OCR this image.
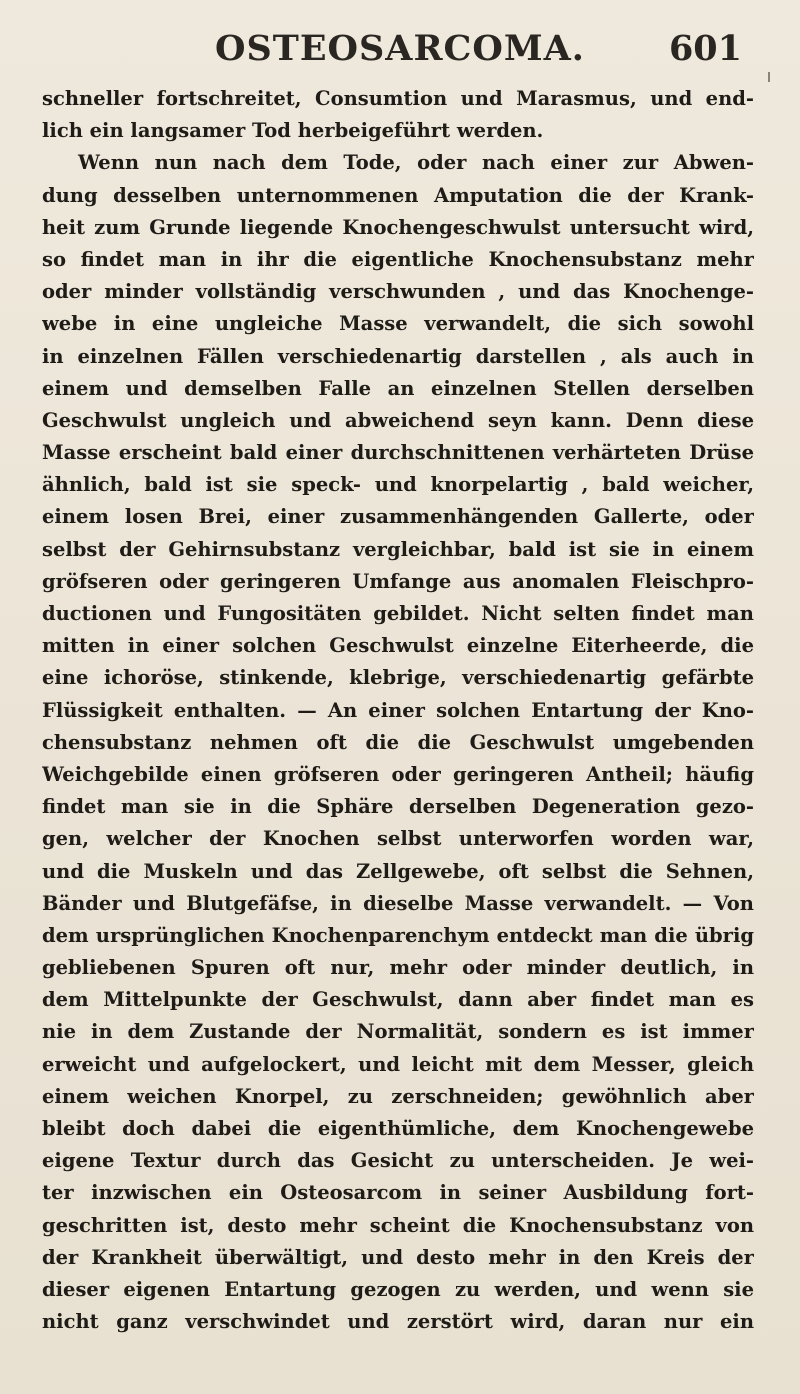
OSTEOSARCOMA.	601
schneller fortschreitet, Consumtion und Marasmus, und end-
lich ein langsamer Tod herbeigeführt werden.
Wenn nun nach dem Tode, oder nach einer zur Abwen-
dung desselben unternommenen Amputation die der Krank-
heit zum Grunde liegende Knochengeschwulst untersucht wird,
so findet man in ihr die eigentliche Knochensubstanz mehr
oder minder vollständig verschwunden , und das Knochenge-
webe in eine ungleiche Masse verwandelt, die sich sowohl
in einzelnen Fällen verschiedenartig darstellen , als auch in
einem und demselben Falle an einzelnen Stellen derselben
Geschwulst ungleich und abweichend seyn kann. Denn diese
Masse erscheint bald einer durchschnittenen verhärteten Drüse
ähnlich, bald ist sie speck- und knorpelartig , bald weicher,
einem losen Brei, einer zusammenhängenden Gallerte, oder
selbst der Gehirnsubstanz vergleichbar, bald ist sie in einem
gröfseren oder geringeren Umfange aus anomalen Fleischpro-
ductionen und Fungositäten gebildet. Nicht selten findet man
mitten in einer solchen Geschwulst einzelne Eiterheerde, die
eine ichoröse, stinkende, klebrige, verschiedenartig gefärbte
Flüssigkeit enthalten. — An einer solchen Entartung der Kno-
chensubstanz nehmen oft die die Geschwulst umgebenden
Weichgebilde einen gröfseren oder geringeren Antheil; häufig
findet man sie in die Sphäre derselben Degeneration gezo-
gen, welcher der Knochen selbst unterworfen worden war,
und die Muskeln und das Zellgewebe, oft selbst die Sehnen,
Bänder und Blutgefäfse, in dieselbe Masse verwandelt. — Von
dem ursprünglichen Knochenparenchym entdeckt man die übrig
gebliebenen Spuren oft nur, mehr oder minder deutlich, in
dem Mittelpunkte der Geschwulst, dann aber findet man es
nie in dem Zustande der Normalität, sondern es ist immer
erweicht und aufgelockert, und leicht mit dem Messer, gleich
einem weichen Knorpel, zu zerschneiden; gewöhnlich aber
bleibt doch dabei die eigenthümliche, dem Knochengewebe
eigene Textur durch das Gesicht zu unterscheiden. Je wei-
ter inzwischen ein Osteosarcom in seiner Ausbildung fort-
geschritten ist, desto mehr scheint die Knochensubstanz von
der Krankheit überwältigt, und desto mehr in den Kreis der
dieser eigenen Entartung gezogen zu werden, und wenn sie
nicht ganz verschwindet und zerstört wird, daran nur ein
